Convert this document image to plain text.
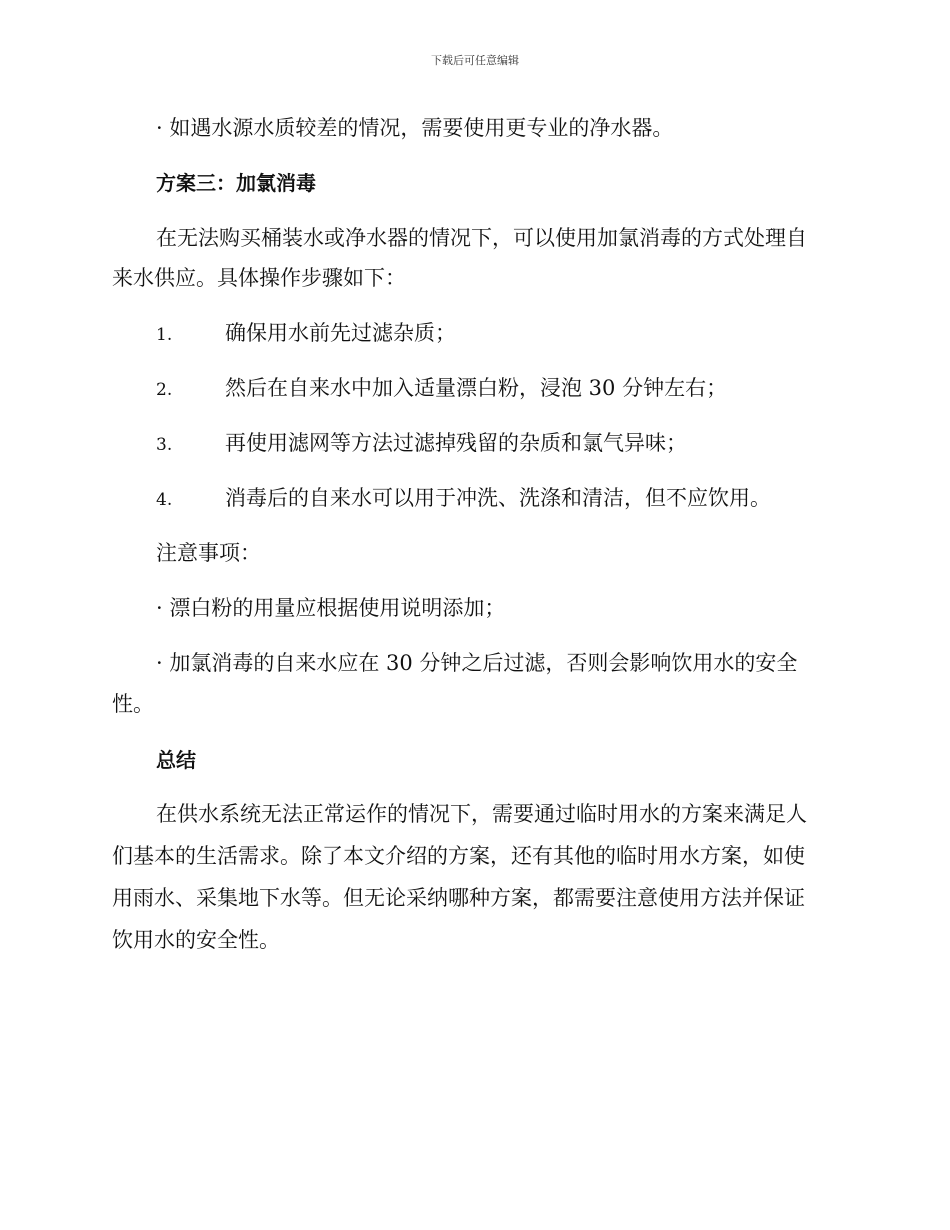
下载后可任意编辑
· 如遇水源水质较差的情况，需要使用更专业的净水器。
方案三：加氯消毒
在无法购买桶装水或净水器的情况下，可以使用加氯消毒的方式处理自
来水供应。具体操作步骤如下：
1.	确保用水前先过滤杂质；
2.	然后在自来水中加入适量漂白粉，浸泡 30 分钟左右；
3.	再使用滤网等方法过滤掉残留的杂质和氯气异味；
4.	消毒后的自来水可以用于冲洗、洗涤和清洁，但不应饮用。
注意事项：
· 漂白粉的用量应根据使用说明添加；
· 加氯消毒的自来水应在 30 分钟之后过滤，否则会影响饮用水的安全
性。
总结
在供水系统无法正常运作的情况下，需要通过临时用水的方案来满足人
们基本的生活需求。除了本文介绍的方案，还有其他的临时用水方案，如使
用雨水、采集地下水等。但无论采纳哪种方案，都需要注意使用方法并保证
饮用水的安全性。
